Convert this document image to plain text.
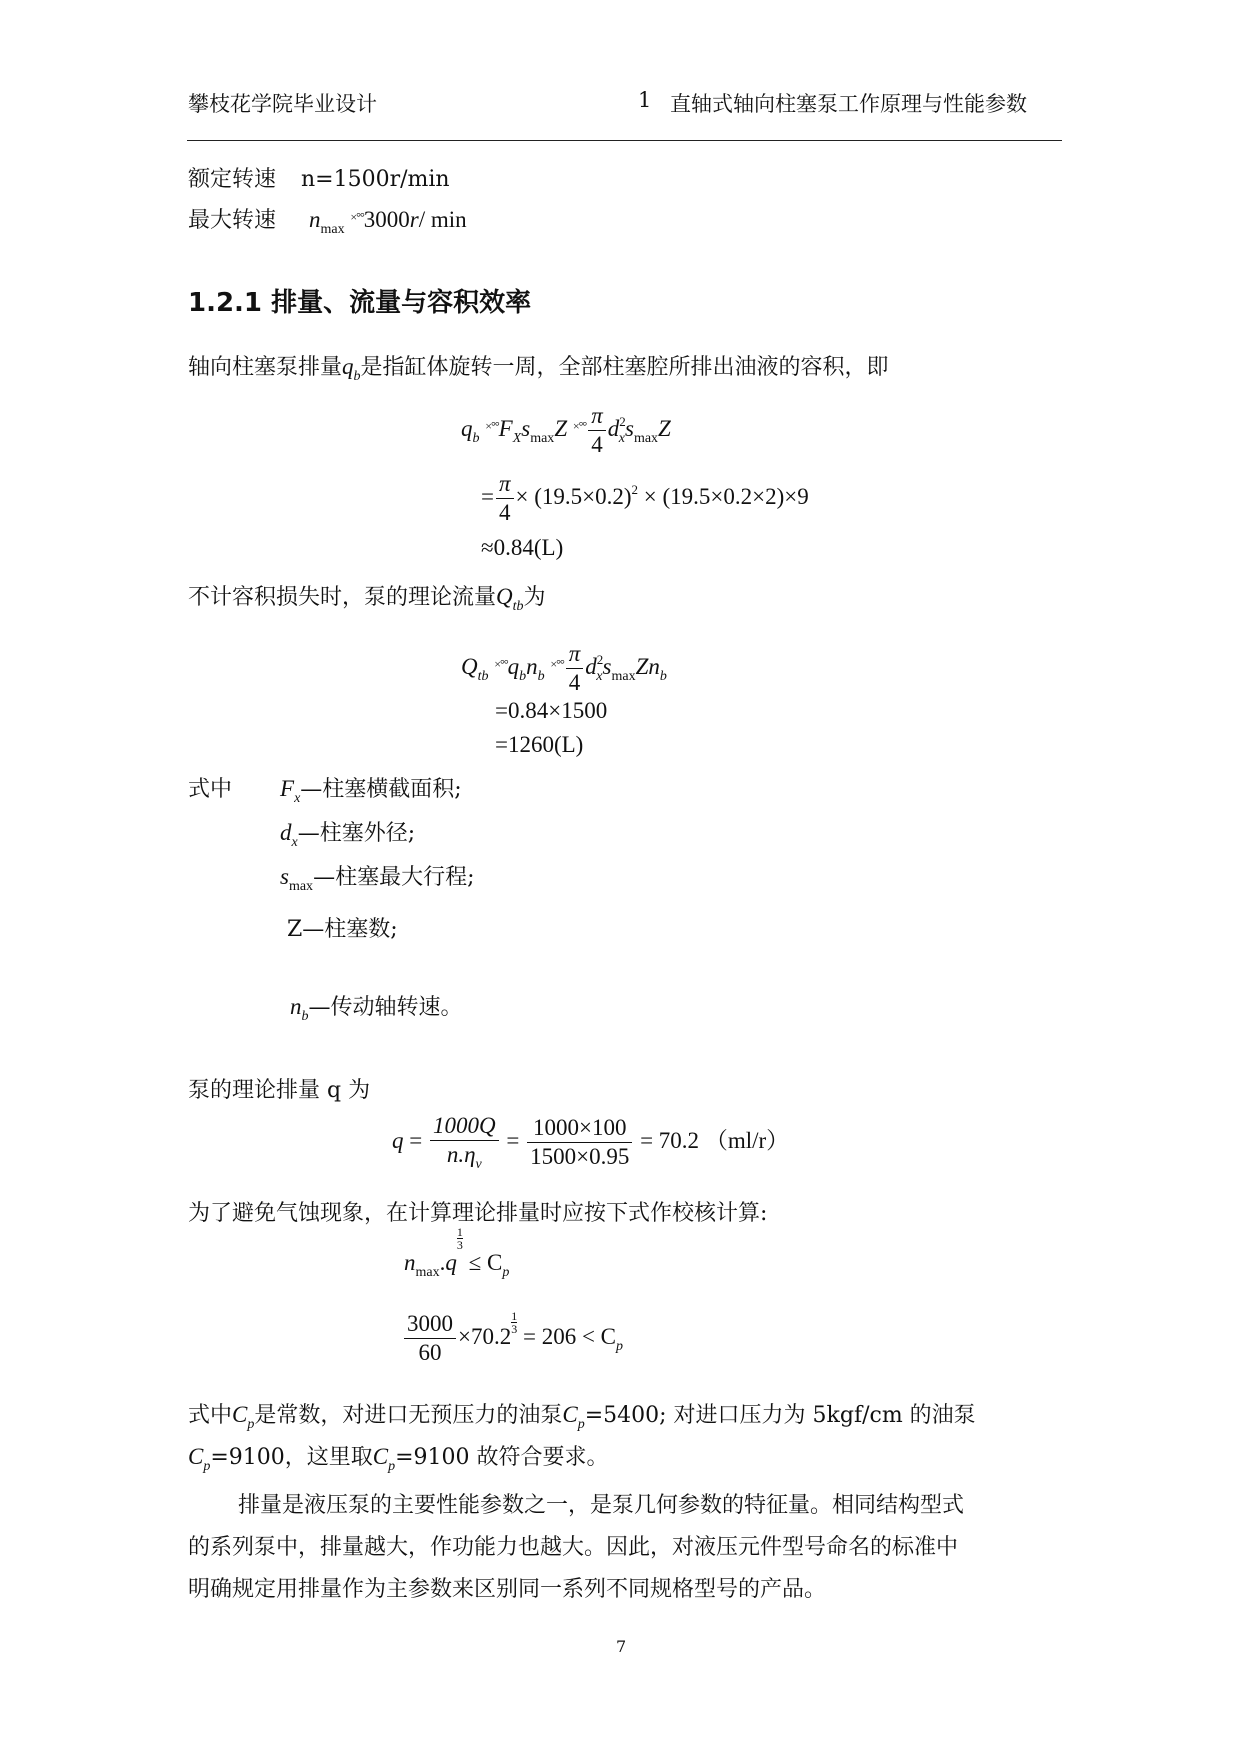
攀枝花学院毕业设计	1 直轴式轴向柱塞泵工作原理与性能参数
额定转速 n=1500r/min
最大转速 $n_{max}$ ×°°3000r/ min
1.2.1 排量、流量与容积效率
轴向柱塞泵排量$q_b$是指缸体旋转一周，全部柱塞腔所排出油液的容积，即
$q_b$ $^{\times^\circ^\circ}F_Xs_{max}Z$ $^{\times^\circ^\circ} \frac{\pi}{4} d^2_xs_{max}Z$
= $\frac{\pi}{4} \times (19.5\times 0.2)^2 \times (19.5\times 0.2\times 2)\times 9$
≈0.84(L)
不计容积损失时，泵的理论流量$Q_{tb}$为
$Q_{tb}$ $^{\times^\circ^\circ}q_bn_b$ $^{\times^\circ^\circ} \frac{\pi}{4} d^2_xs_{max}Zn_b$
=0.84×1500
=1260(L)
式中 $F_x—$柱塞横截面积;
$d_x—$柱塞外径;
$s_{max}—$柱塞最大行程;
Z—柱塞数;
$n_b—$传动轴转速。
泵的理论排量 q 为
$q = \frac{1000Q}{n.\eta_v} = \frac{1000\times 100}{1500\times 0.95} = 70.2$ （ml/r）
为了避免气蚀现象，在计算理论排量时应按下式作校核计算:
$n_{max}.q$
$\frac{1}{3}$
≤ $C_p$
$\frac{3000}{60} \times 70.2$
$\frac{1}{3}$
= $206 < C_p$
式中$C_p$是常数，对进口无预压力的油泵$C_p=5400$; 对进口压力为 5kgf/cm 的油泵
$C_p=9100$，这里取$C_p=9100$ 故符合要求。
排量是液压泵的主要性能参数之一，是泵几何参数的特征量。相同结构型式
的系列泵中，排量越大，作功能力也越大。因此，对液压元件型号命名的标准中
明确规定用排量作为主参数来区别同一系列不同规格型号的产品。
7
